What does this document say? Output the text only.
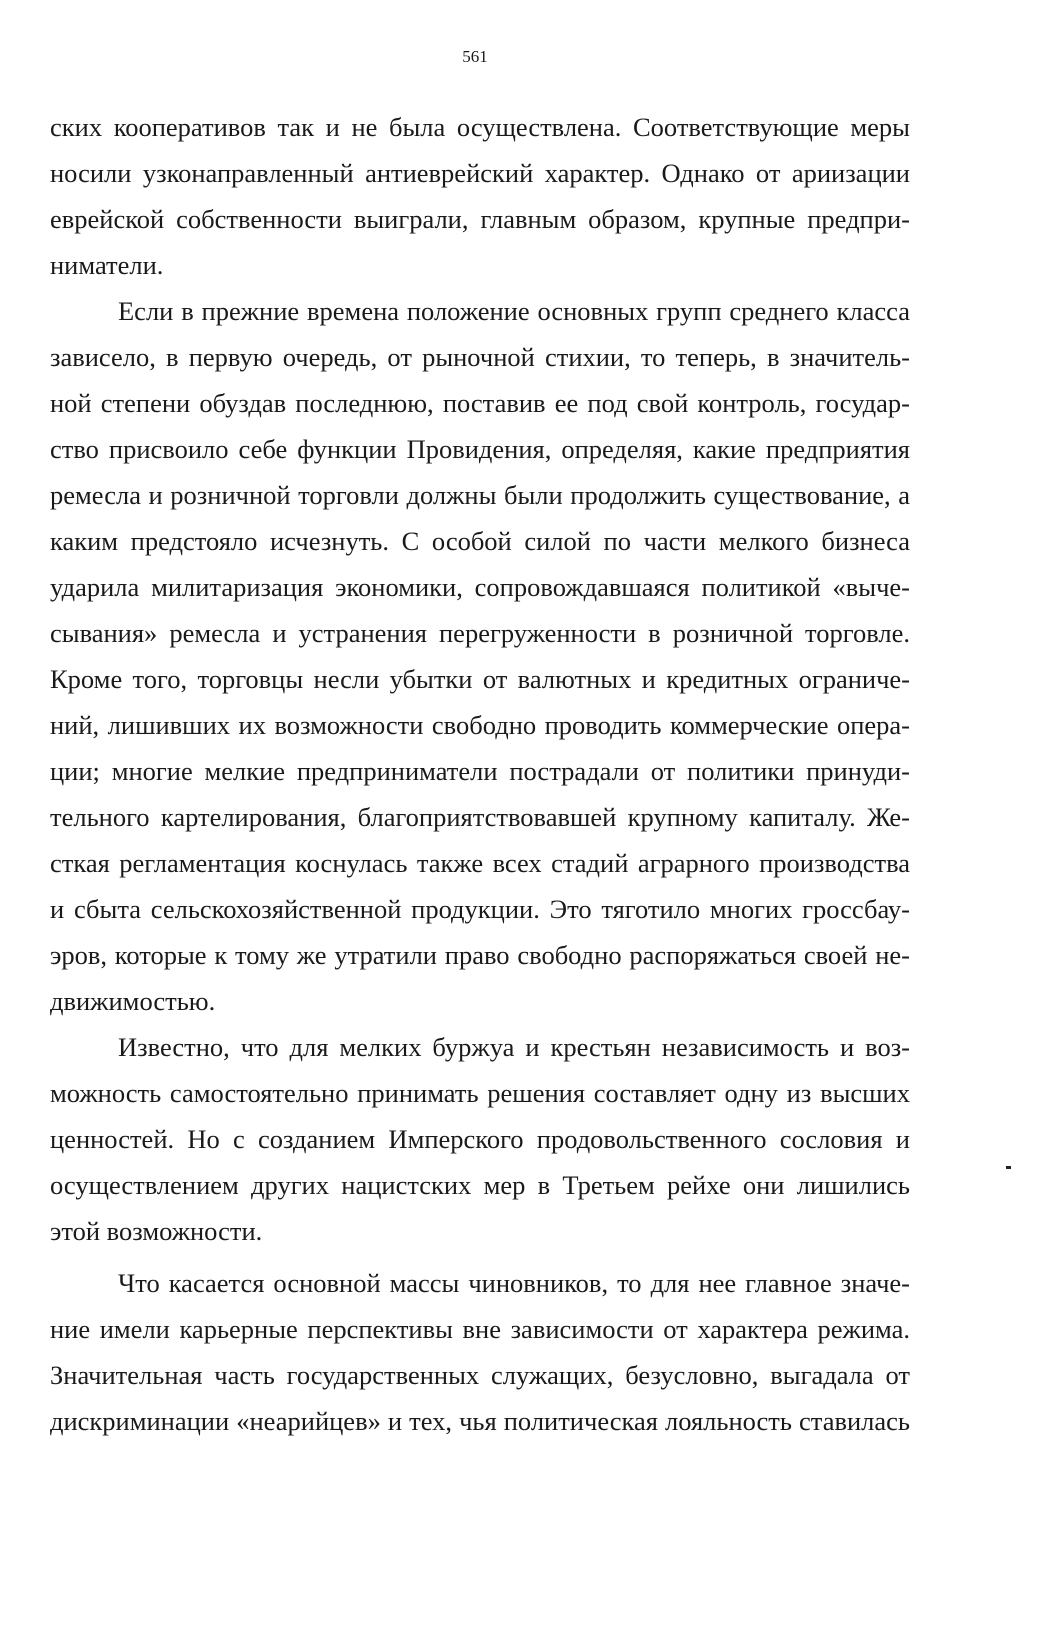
561
ских кооперативов так и не была осуществлена. Соответствующие меры
носили узконаправленный антиеврейский характер. Однако от ариизации
еврейской собственности выиграли, главным образом, крупные предпри-
ниматели.
Если в прежние времена положение основных групп среднего класса
зависело, в первую очередь, от рыночной стихии, то теперь, в значитель-
ной степени обуздав последнюю, поставив ее под свой контроль, государ-
ство присвоило себе функции Провидения, определяя, какие предприятия
ремесла и розничной торговли должны были продолжить существование, а
каким предстояло исчезнуть. С особой силой по части мелкого бизнеса
ударила милитаризация экономики, сопровождавшаяся политикой «выче-
сывания» ремесла и устранения перегруженности в розничной торговле.
Кроме того, торговцы несли убытки от валютных и кредитных ограниче-
ний, лишивших их возможности свободно проводить коммерческие опера-
ции; многие мелкие предприниматели пострадали от политики принуди-
тельного картелирования, благоприятствовавшей крупному капиталу. Же-
сткая регламентация коснулась также всех стадий аграрного производства
и сбыта сельскохозяйственной продукции. Это тяготило многих гроссбау-
эров, которые к тому же утратили право свободно распоряжаться своей не-
движимостью.
Известно, что для мелких буржуа и крестьян независимость и воз-
можность самостоятельно принимать решения составляет одну из высших
ценностей. Но с созданием Имперского продовольственного сословия и
осуществлением других нацистских мер в Третьем рейхе они лишились
этой возможности.
Что касается основной массы чиновников, то для нее главное значе-
ние имели карьерные перспективы вне зависимости от характера режима.
Значительная часть государственных служащих, безусловно, выгадала от
дискриминации «неарийцев» и тех, чья политическая лояльность ставилась
